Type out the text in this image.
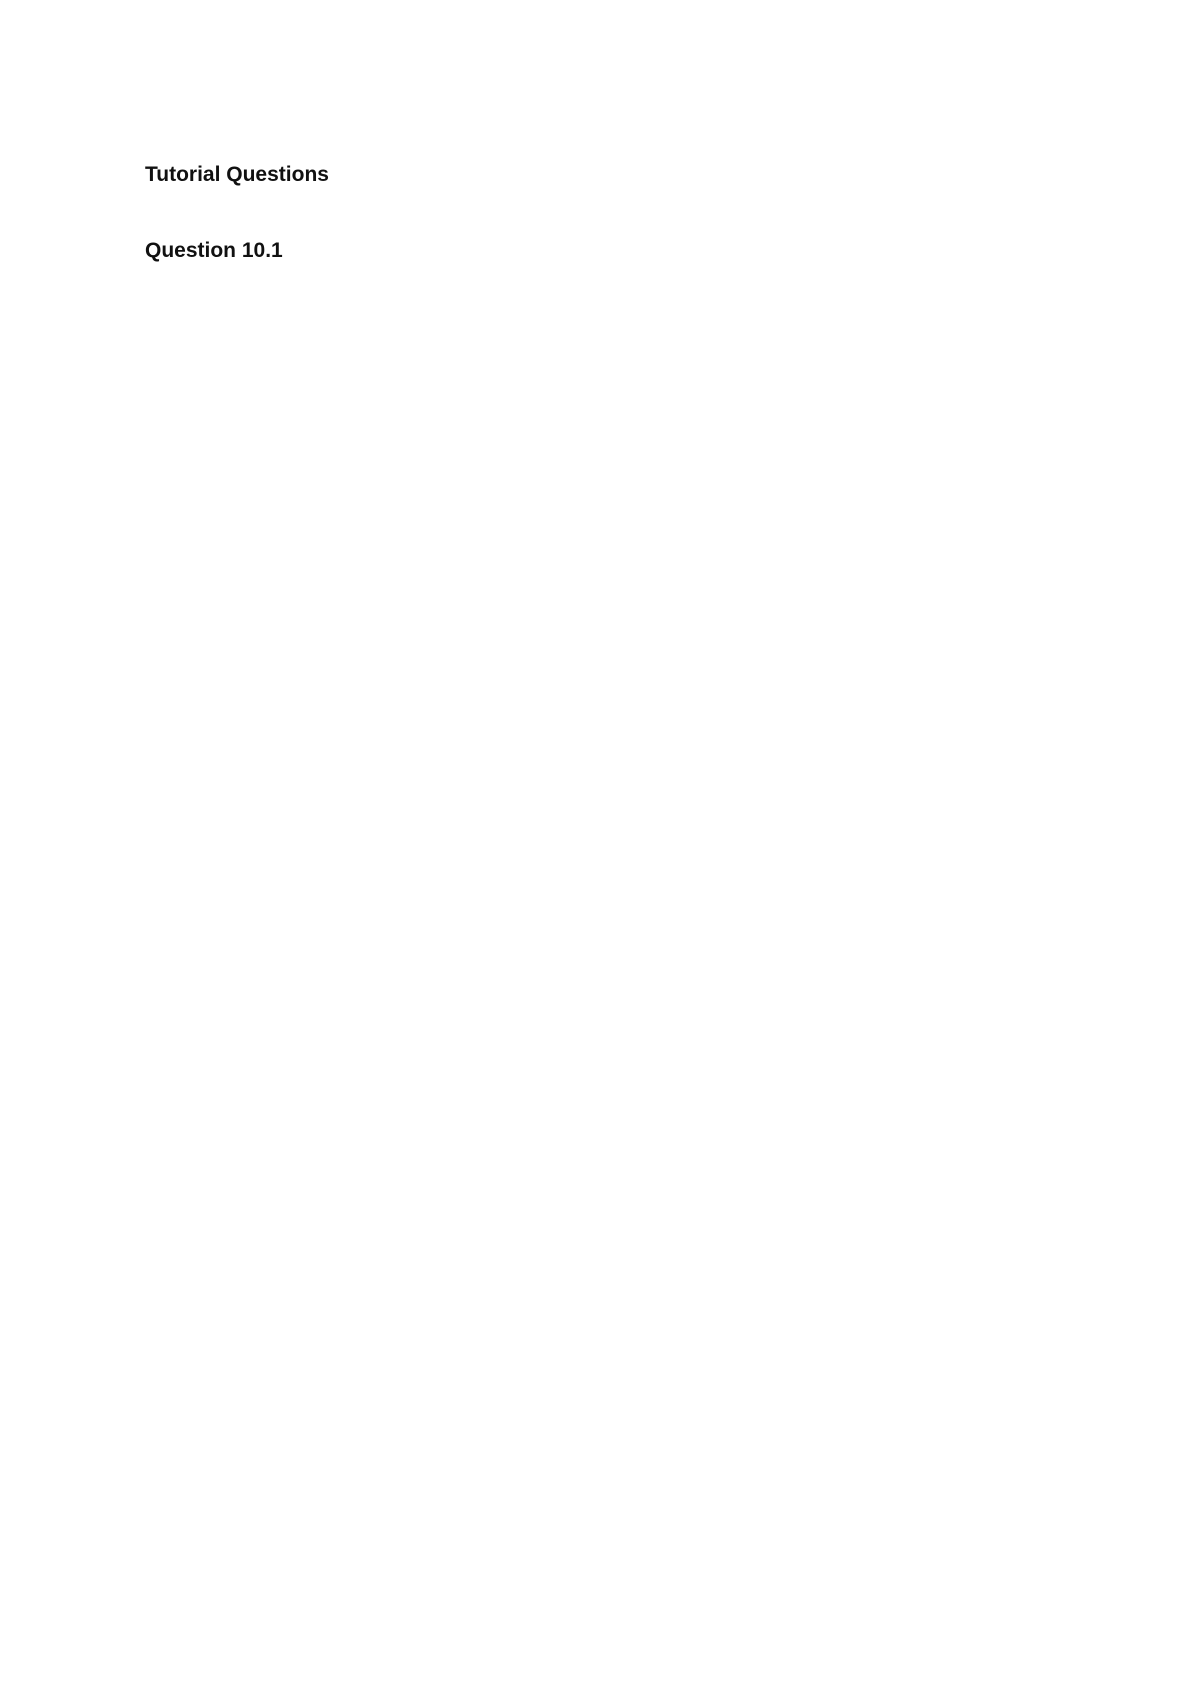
Tutorial Questions

Question 10.1
